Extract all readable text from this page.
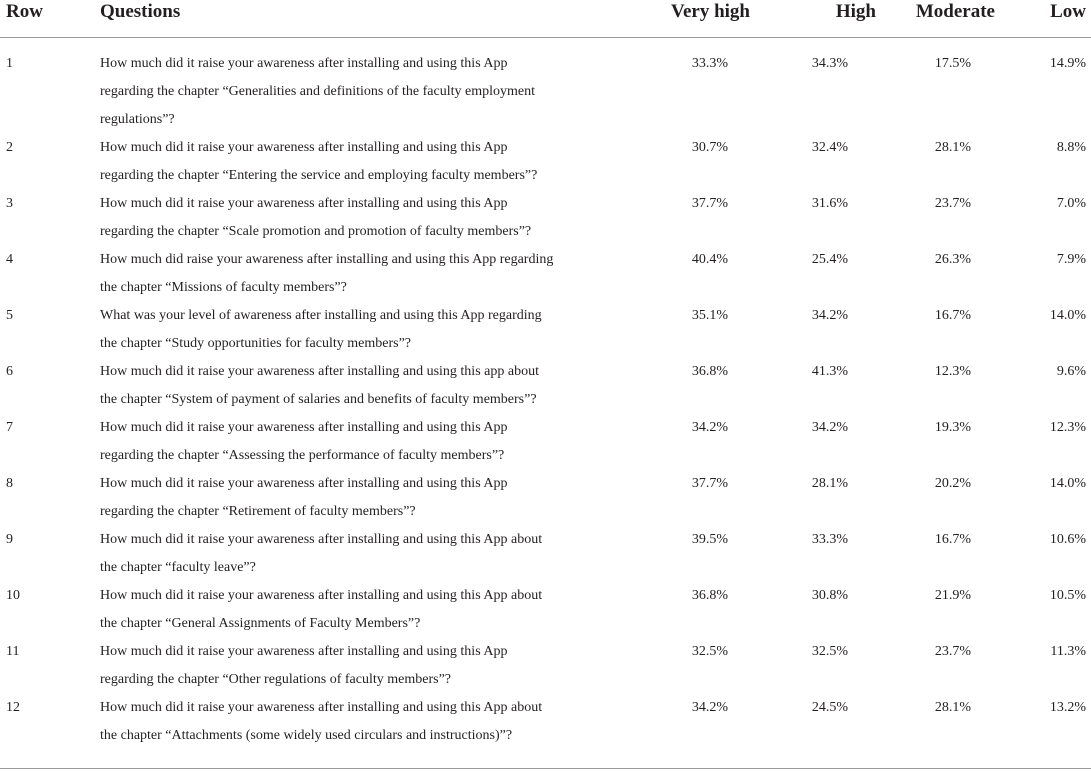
Row	Questions	Very high	High	Moderate	Low
1	How much did it raise your awareness after installing and using this App
regarding the chapter “Generalities and definitions of the faculty employment
regulations”?	33.3%	34.3%	17.5%	14.9%
2	How much did it raise your awareness after installing and using this App
regarding the chapter “Entering the service and employing faculty members”?	30.7%	32.4%	28.1%	8.8%
3	How much did it raise your awareness after installing and using this App
regarding the chapter “Scale promotion and promotion of faculty members”?	37.7%	31.6%	23.7%	7.0%
4	How much did raise your awareness after installing and using this App regarding
the chapter “Missions of faculty members”?	40.4%	25.4%	26.3%	7.9%
5	What was your level of awareness after installing and using this App regarding
the chapter “Study opportunities for faculty members”?	35.1%	34.2%	16.7%	14.0%
6	How much did it raise your awareness after installing and using this app about
the chapter “System of payment of salaries and benefits of faculty members”?	36.8%	41.3%	12.3%	9.6%
7	How much did it raise your awareness after installing and using this App
regarding the chapter “Assessing the performance of faculty members”?	34.2%	34.2%	19.3%	12.3%
8	How much did it raise your awareness after installing and using this App
regarding the chapter “Retirement of faculty members”?	37.7%	28.1%	20.2%	14.0%
9	How much did it raise your awareness after installing and using this App about
the chapter “faculty leave”?	39.5%	33.3%	16.7%	10.6%
10	How much did it raise your awareness after installing and using this App about
the chapter “General Assignments of Faculty Members”?	36.8%	30.8%	21.9%	10.5%
11	How much did it raise your awareness after installing and using this App
regarding the chapter “Other regulations of faculty members”?	32.5%	32.5%	23.7%	11.3%
12	How much did it raise your awareness after installing and using this App about
the chapter “Attachments (some widely used circulars and instructions)”?	34.2%	24.5%	28.1%	13.2%
